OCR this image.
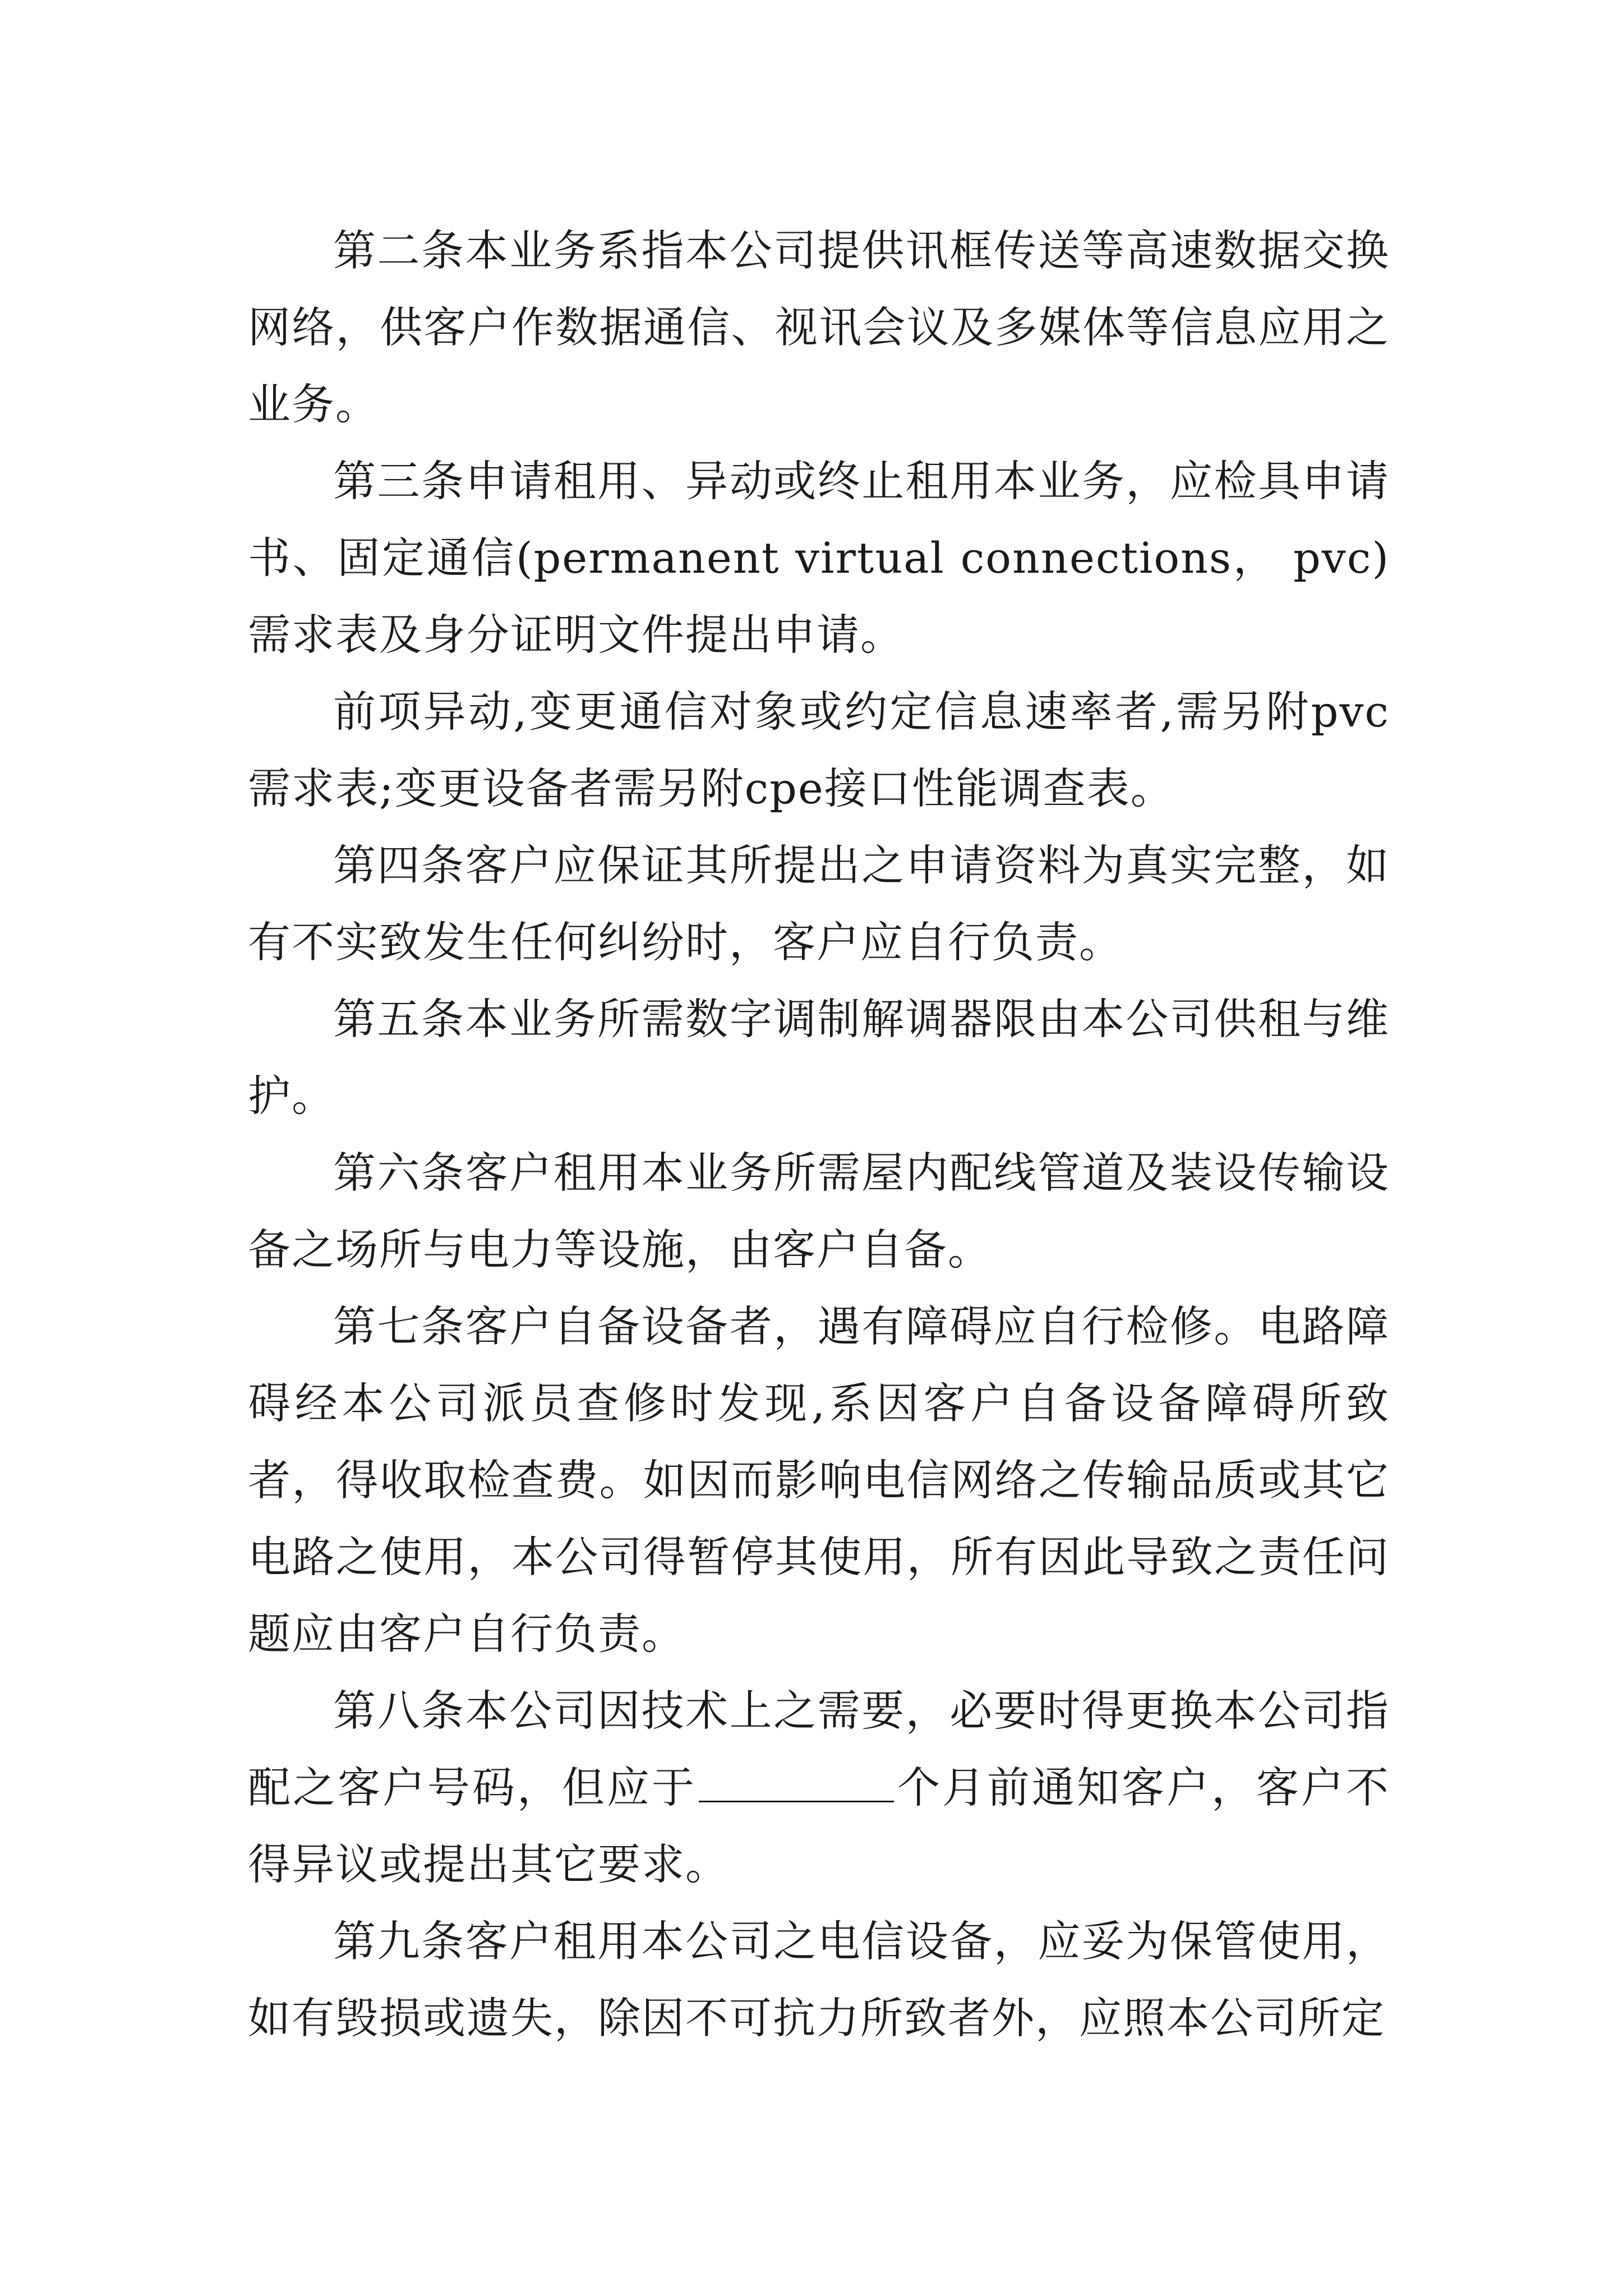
第二条本业务系指本公司提供讯框传送等高速数据交换网络，供客户作数据通信、视讯会议及多媒体等信息应用之业务。

第三条申请租用、异动或终止租用本业务，应检具申请书、固定通信(permanent virtual connections， pvc)需求表及身分证明文件提出申请。

前项异动,变更通信对象或约定信息速率者,需另附pvc需求表;变更设备者需另附cpe接口性能调查表。

第四条客户应保证其所提出之申请资料为真实完整，如有不实致发生任何纠纷时，客户应自行负责。

第五条本业务所需数字调制解调器限由本公司供租与维护。

第六条客户租用本业务所需屋内配线管道及装设传输设备之场所与电力等设施，由客户自备。

第七条客户自备设备者，遇有障碍应自行检修。电路障碍经本公司派员查修时发现,系因客户自备设备障碍所致者，得收取检查费。如因而影响电信网络之传输品质或其它电路之使用，本公司得暂停其使用，所有因此导致之责任问题应由客户自行负责。

第八条本公司因技术上之需要，必要时得更换本公司指配之客户号码，但应于	个月前通知客户，客户不得异议或提出其它要求。

第九条客户租用本公司之电信设备，应妥为保管使用，如有毁损或遗失，除因不可抗力所致者外，应照本公司所定
